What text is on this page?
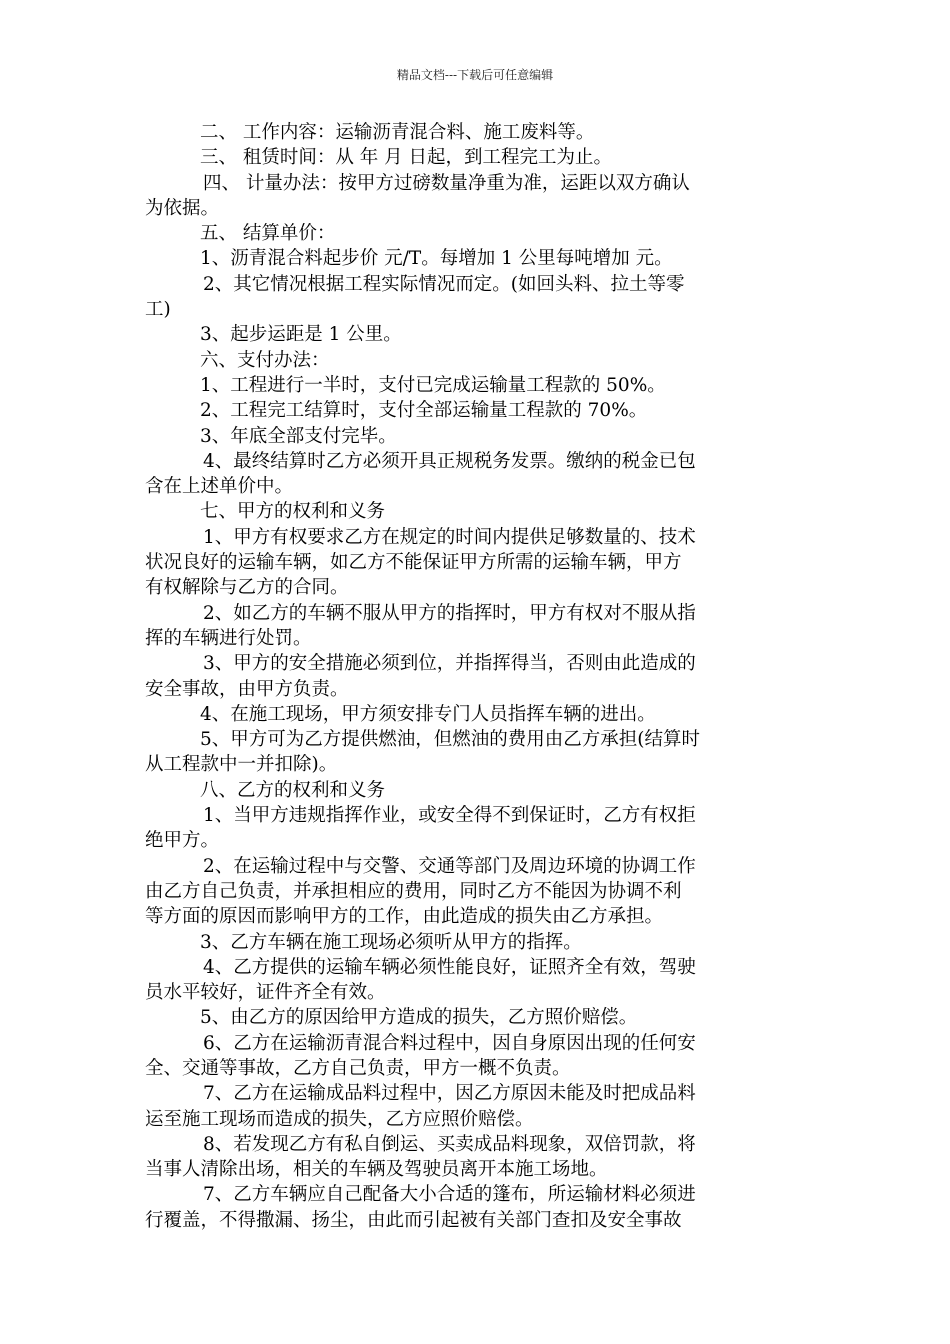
精品文档---下载后可任意编辑
二、 工作内容：运输沥青混合料、施工废料等。
三、 租赁时间：从 年 月 日起，到工程完工为止。
四、 计量办法：按甲方过磅数量净重为准，运距以双方确认
为依据。
五、 结算单价：
1、沥青混合料起步价 元/T。每增加 1 公里每吨增加 元。
2、其它情况根据工程实际情况而定。(如回头料、拉土等零
工)
3、起步运距是 1 公里。
六、支付办法：
1、工程进行一半时，支付已完成运输量工程款的 50%。
2、工程完工结算时，支付全部运输量工程款的 70%。
3、年底全部支付完毕。
4、最终结算时乙方必须开具正规税务发票。缴纳的税金已包
含在上述单价中。
七、甲方的权利和义务
1、甲方有权要求乙方在规定的时间内提供足够数量的、技术
状况良好的运输车辆，如乙方不能保证甲方所需的运输车辆，甲方
有权解除与乙方的合同。
2、如乙方的车辆不服从甲方的指挥时，甲方有权对不服从指
挥的车辆进行处罚。
3、甲方的安全措施必须到位，并指挥得当，否则由此造成的
安全事故，由甲方负责。
4、在施工现场，甲方须安排专门人员指挥车辆的进出。
5、甲方可为乙方提供燃油，但燃油的费用由乙方承担(结算时
从工程款中一并扣除)。
八、乙方的权利和义务
1、当甲方违规指挥作业，或安全得不到保证时，乙方有权拒
绝甲方。
2、在运输过程中与交警、交通等部门及周边环境的协调工作
由乙方自己负责，并承担相应的费用，同时乙方不能因为协调不利
等方面的原因而影响甲方的工作，由此造成的损失由乙方承担。
3、乙方车辆在施工现场必须听从甲方的指挥。
4、乙方提供的运输车辆必须性能良好，证照齐全有效，驾驶
员水平较好，证件齐全有效。
5、由乙方的原因给甲方造成的损失，乙方照价赔偿。
6、乙方在运输沥青混合料过程中，因自身原因出现的任何安
全、交通等事故，乙方自己负责，甲方一概不负责。
7、乙方在运输成品料过程中，因乙方原因未能及时把成品料
运至施工现场而造成的损失，乙方应照价赔偿。
8、若发现乙方有私自倒运、买卖成品料现象，双倍罚款，将
当事人清除出场，相关的车辆及驾驶员离开本施工场地。
7、乙方车辆应自己配备大小合适的篷布，所运输材料必须进
行覆盖，不得撒漏、扬尘，由此而引起被有关部门查扣及安全事故
